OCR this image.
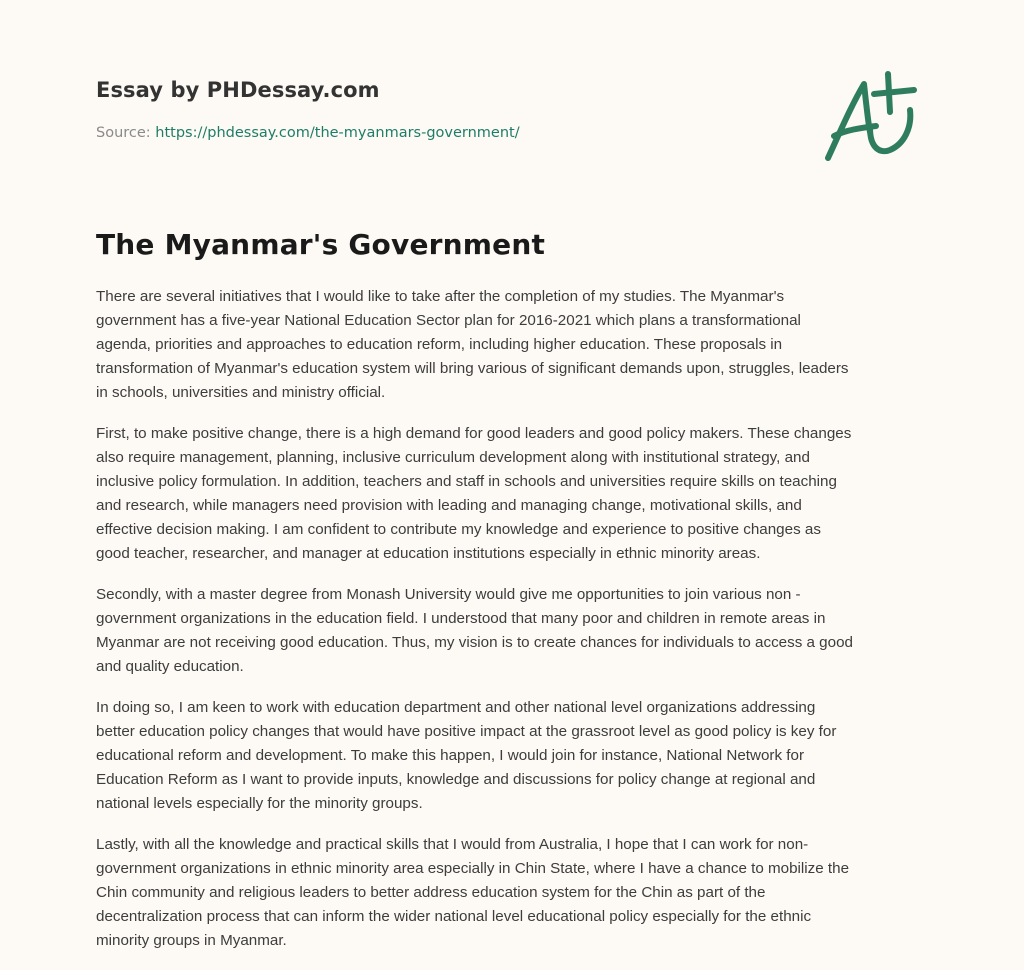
Essay by PHDessay.com
Source: https://phdessay.com/the-myanmars-government/
The Myanmar's Government

There are several initiatives that I would like to take after the completion of my studies. The Myanmar's
government has a five-year National Education Sector plan for 2016-2021 which plans a transformational
agenda, priorities and approaches to education reform, including higher education. These proposals in
transformation of Myanmar's education system will bring various of significant demands upon, struggles, leaders
in schools, universities and ministry official.

First, to make positive change, there is a high demand for good leaders and good policy makers. These changes
also require management, planning, inclusive curriculum development along with institutional strategy, and
inclusive policy formulation. In addition, teachers and staff in schools and universities require skills on teaching
and research, while managers need provision with leading and managing change, motivational skills, and
effective decision making. I am confident to contribute my knowledge and experience to positive changes as
good teacher, researcher, and manager at education institutions especially in ethnic minority areas.

Secondly, with a master degree from Monash University would give me opportunities to join various non -
government organizations in the education field. I understood that many poor and children in remote areas in
Myanmar are not receiving good education. Thus, my vision is to create chances for individuals to access a good
and quality education.

In doing so, I am keen to work with education department and other national level organizations addressing
better education policy changes that would have positive impact at the grassroot level as good policy is key for
educational reform and development. To make this happen, I would join for instance, National Network for
Education Reform as I want to provide inputs, knowledge and discussions for policy change at regional and
national levels especially for the minority groups.

Lastly, with all the knowledge and practical skills that I would from Australia, I hope that I can work for non-
government organizations in ethnic minority area especially in Chin State, where I have a chance to mobilize the
Chin community and religious leaders to better address education system for the Chin as part of the
decentralization process that can inform the wider national level educational policy especially for the ethnic
minority groups in Myanmar.
